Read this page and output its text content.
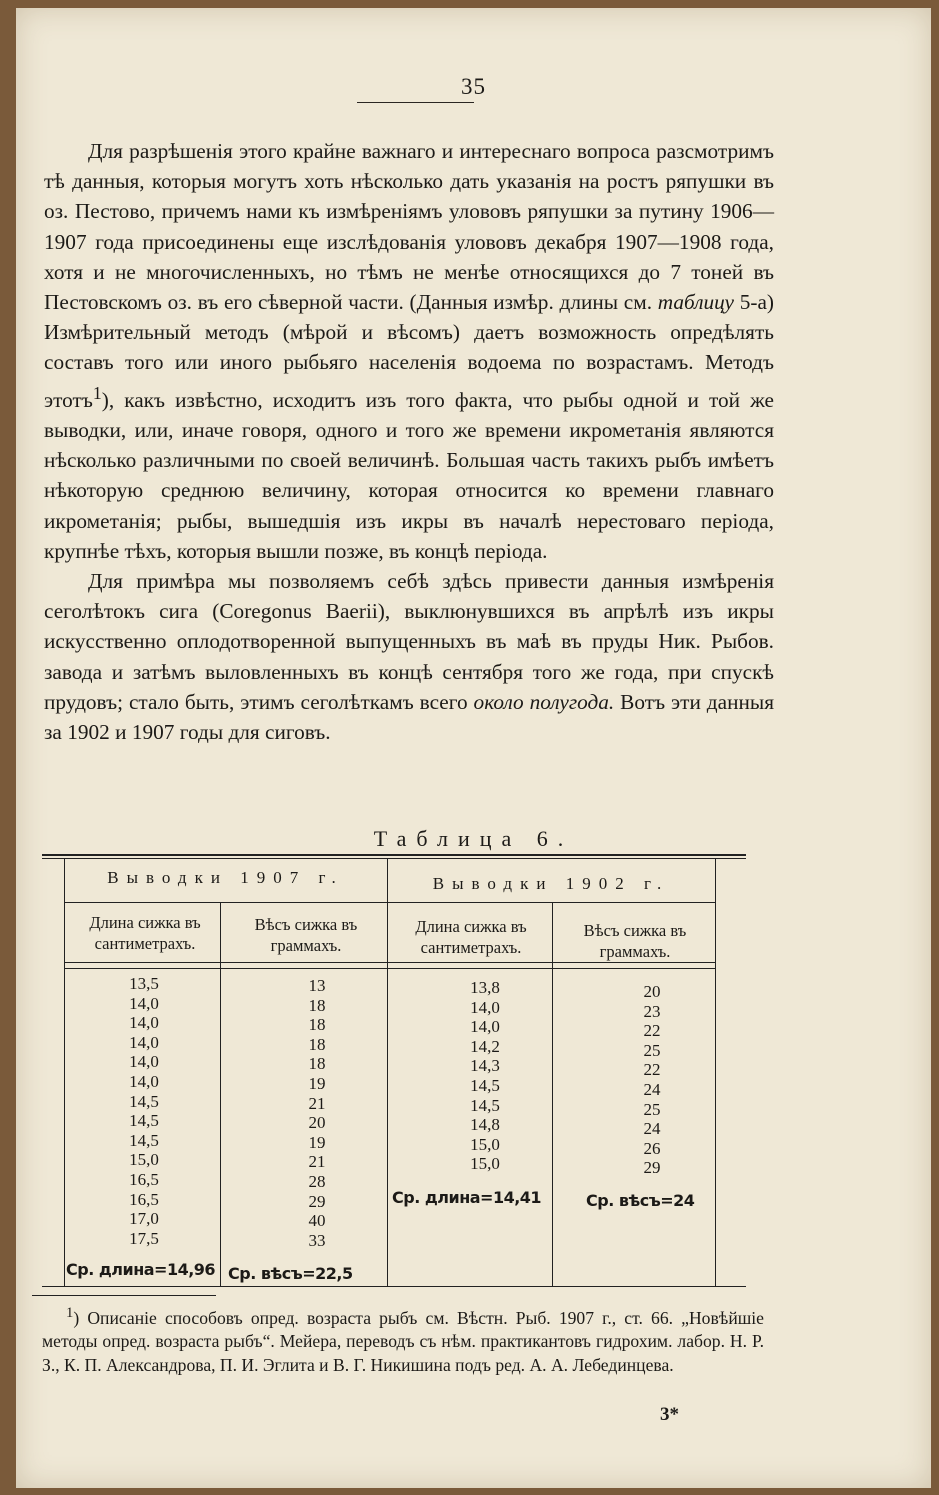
35

Для разрѣшенія этого крайне важнаго и интереснаго вопроса разсмотримъ тѣ данныя, которыя могутъ хоть нѣсколько дать указанія на ростъ ряпушки въ оз. Пестово, причемъ нами къ измѣреніямъ улововъ ряпушки за путину 1906—1907 года присоединены еще изслѣдованія улововъ декабря 1907—1908 года, хотя и не многочисленныхъ, но тѣмъ не менѣе относящихся до 7 тоней въ Пестовскомъ оз. въ его сѣверной части. (Данныя измѣр. длины см. таблицу 5-а) Измѣрительный методъ (мѣрой и вѣсомъ) даетъ возможность опредѣлять составъ того или иного рыбьяго населенія водоема по возрастамъ. Методъ этотъ$^1$), какъ извѣстно, исходитъ изъ того факта, что рыбы одной и той же выводки, или, иначе говоря, одного и того же времени икрометанія являются нѣсколько различными по своей величинѣ. Большая часть такихъ рыбъ имѣетъ нѣкоторую среднюю величину, которая относится ко времени главнаго икрометанія; рыбы, вышедшія изъ икры въ началѣ нерестоваго періода, крупнѣе тѣхъ, которыя вышли позже, въ концѣ періода.

Для примѣра мы позволяемъ себѣ здѣсь привести данныя измѣренія сеголѣтокъ сига (Coregonus Baerii), выклюнувшихся въ апрѣлѣ изъ икры искусственно оплодотворенной выпущенныхъ въ маѣ въ пруды Ник. Рыбов. завода и затѣмъ выловленныхъ въ концѣ сентября того же года, при спускѣ прудовъ; стало быть, этимъ сеголѣткамъ всего около полугода. Вотъ эти данныя за 1902 и 1907 годы для сиговъ.

Таблица 6.
Выводки 1907 г.	Выводки 1902 г.
Длина сижка въ сантиметрахъ.
Вѣсъ сижка въ граммахъ.
Длина сижка въ сантиметрахъ.
Вѣсъ сижка въ граммахъ.
13,5
14,0
14,0
14,0
14,0
14,0
14,5
14,5
14,5
15,0
16,5
16,5
17,0
17,5
13
18
18
18
18
19
21
20
19
21
28
29
40
33
13,8
14,0
14,0
14,2
14,3
14,5
14,5
14,8
15,0
15,0
20
23
22
25
22
24
25
24
26
29
Ср. длина=14,96 Ср. вѣсъ=22,5
Ср. длина=14,41	Ср. вѣсъ=24

$^1$) Описаніе способовъ опред. возраста рыбъ см. Вѣстн. Рыб. 1907 г., ст. 66. „Новѣйшіе методы опред. возраста рыбъ“. Мейера, переводъ съ нѣм. практикантовъ гидрохим. лабор. Н. Р. З., К. П. Александрова, П. И. Эглита и В. Г. Никишина подъ ред. А. А. Лебединцева.

3*
